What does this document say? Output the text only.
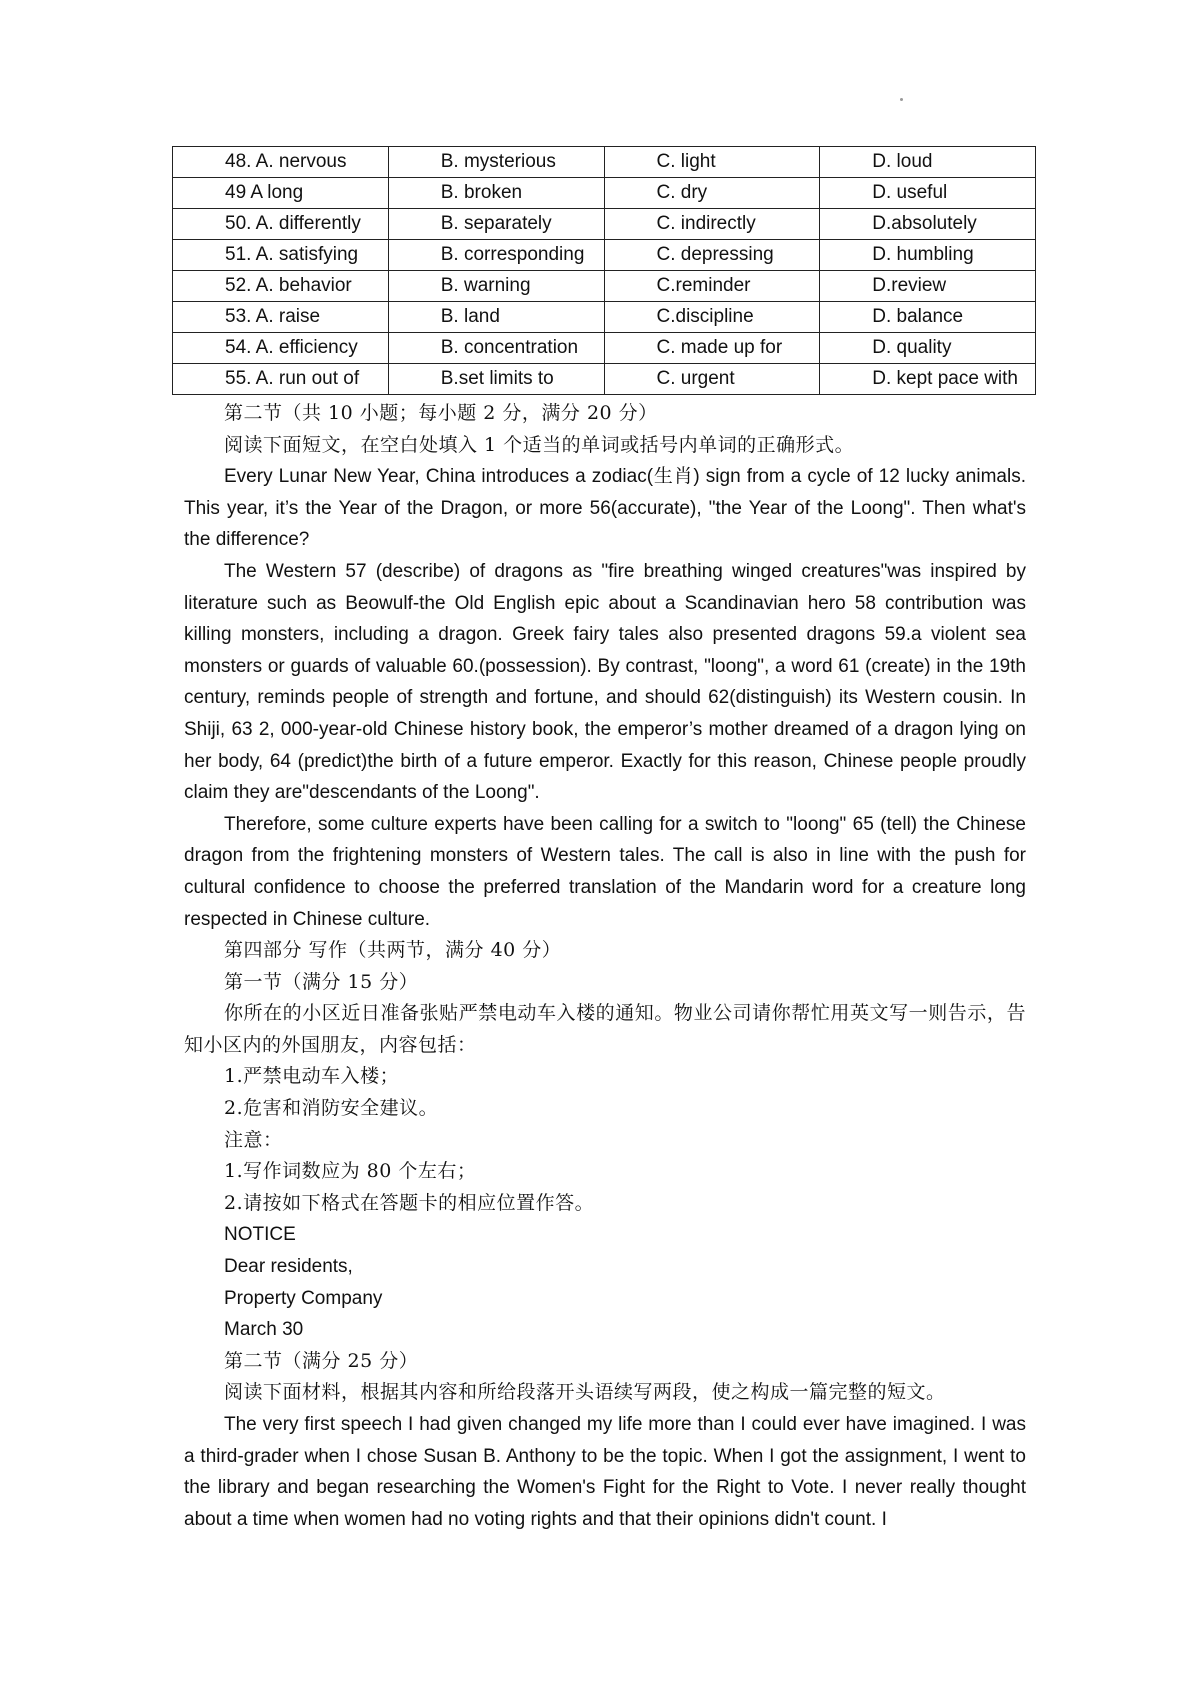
48. A. nervous	B. mysterious	C. light	D. loud
49 A long	B. broken	C. dry	D. useful
50. A. differently	B. separately	C. indirectly	D.absolutely
51. A. satisfying	B. corresponding	C. depressing	D. humbling
52. A. behavior	B. warning	C.reminder	D.review
53. A. raise	B. land	C.discipline	D. balance
54. A. efficiency	B. concentration	C. made up for	D. quality
55. A. run out of	B.set limits to	C. urgent	D. kept pace with

第二节（共 10 小题；每小题 2 分，满分 20 分）

阅读下面短文，在空白处填入 1 个适当的单词或括号内单词的正确形式。

Every Lunar New Year, China introduces a zodiac(生肖) sign from a cycle of 12 lucky animals. This year, it’s the Year of the Dragon, or more 56(accurate), "the Year of the Loong". Then what's the difference?

The Western 57 (describe) of dragons as "fire breathing winged creatures"was inspired by literature such as Beowulf-the Old English epic about a Scandinavian hero 58 contribution was killing monsters, including a dragon. Greek fairy tales also presented dragons 59.a violent sea monsters or guards of valuable 60.(possession). By contrast, "loong", a word 61 (create) in the 19th century, reminds people of strength and fortune, and should 62(distinguish) its Western cousin. In Shiji, 63 2, 000-year-old Chinese history book, the emperor’s mother dreamed of a dragon lying on her body, 64 (predict)the birth of a future emperor. Exactly for this reason, Chinese people proudly claim they are"descendants of the Loong".

Therefore, some culture experts have been calling for a switch to "loong" 65 (tell) the Chinese dragon from the frightening monsters of Western tales. The call is also in line with the push for cultural confidence to choose the preferred translation of the Mandarin word for a creature long respected in Chinese culture.

第四部分 写作（共两节，满分 40 分）

第一节（满分 15 分）

你所在的小区近日准备张贴严禁电动车入楼的通知。物业公司请你帮忙用英文写一则告示，告知小区内的外国朋友，内容包括：

1.严禁电动车入楼；

2.危害和消防安全建议。

注意：

1.写作词数应为 80 个左右；

2.请按如下格式在答题卡的相应位置作答。

NOTICE

Dear residents,

Property Company

March 30

第二节（满分 25 分）

阅读下面材料，根据其内容和所给段落开头语续写两段，使之构成一篇完整的短文。

The very first speech I had given changed my life more than I could ever have imagined. I was a third-grader when I chose Susan B. Anthony to be the topic. When I got the assignment, I went to the library and began researching the Women's Fight for the Right to Vote. I never really thought about a time when women had no voting rights and that their opinions didn't count. I
